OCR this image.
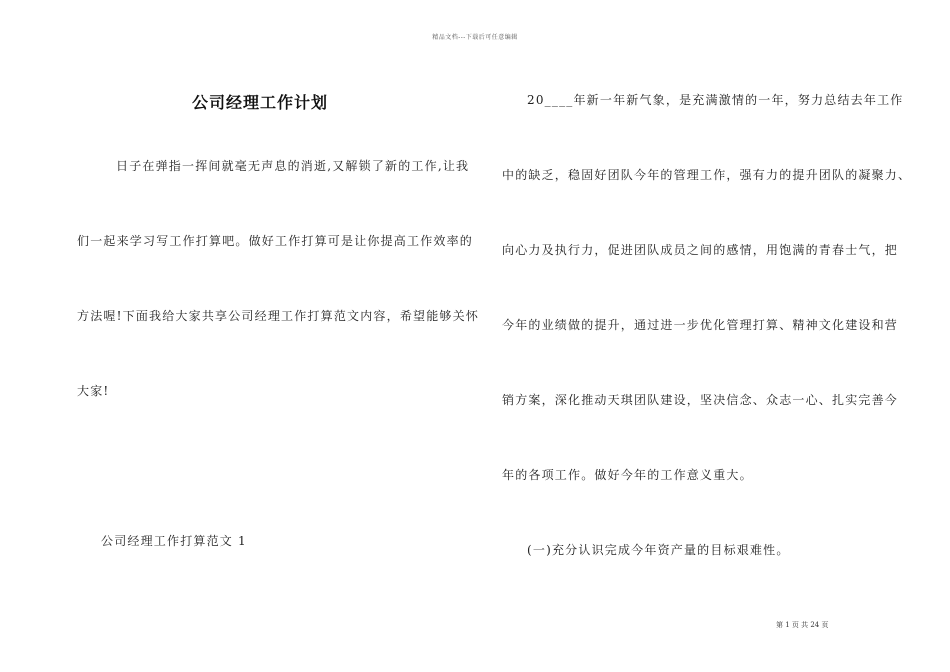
精品文档---下载后可任意编辑
公司经理工作计划
日子在弹指一挥间就毫无声息的消逝,又解锁了新的工作,让我
们一起来学习写工作打算吧。做好工作打算可是让你提高工作效率的
方法喔!下面我给大家共享公司经理工作打算范文内容，希望能够关怀
大家!
公司经理工作打算范文 1
20____年新一年新气象，是充满激情的一年，努力总结去年工作
中的缺乏，稳固好团队今年的管理工作，强有力的提升团队的凝聚力、
向心力及执行力，促进团队成员之间的感情，用饱满的青春士气，把
今年的业绩做的提升，通过进一步优化管理打算、精神文化建设和营
销方案，深化推动天琪团队建设，坚决信念、众志一心、扎实完善今
年的各项工作。做好今年的工作意义重大。
(一)充分认识完成今年资产量的目标艰难性。
第 1 页 共 24 页
